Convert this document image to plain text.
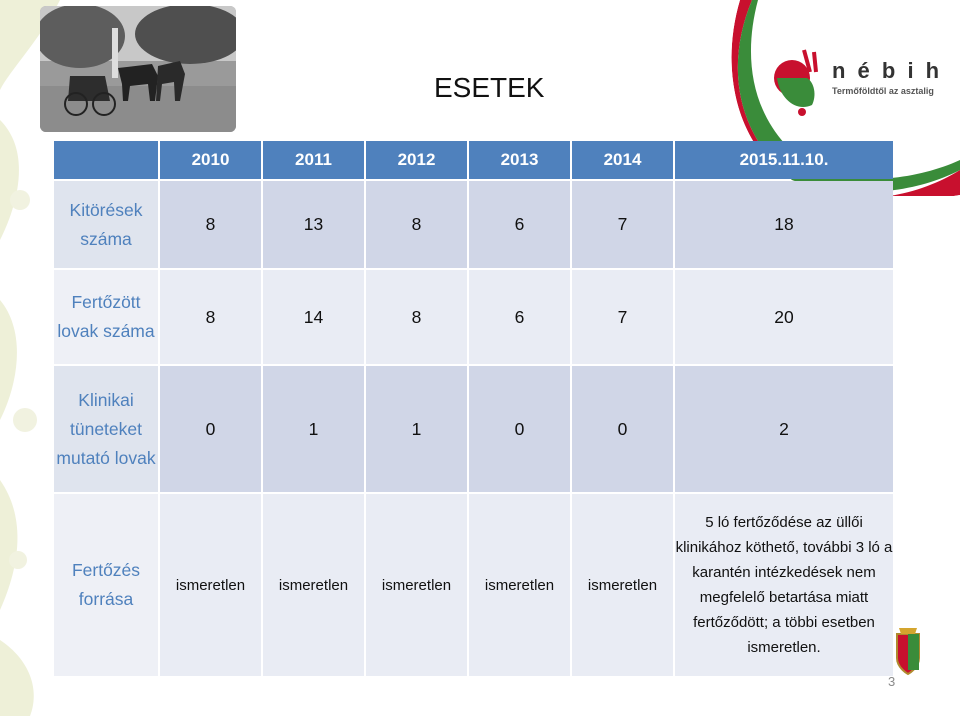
ESETEK
n é b i h
Termőföldtől az asztalig
	2010	2011	2012	2013	2014	2015.11.10.
Kitörések száma	8	13	8	6	7	18
Fertőzött lovak száma	8	14	8	6	7	20
Klinikai tüneteket mutató lovak	0	1	1	0	0	2
Fertőzés forrása	ismeretlen	ismeretlen	ismeretlen	ismeretlen	ismeretlen	5 ló fertőződése az üllői klinikához köthető, további 3 ló a karantén intézkedések nem megfelelő betartása miatt fertőződött; a többi esetben ismeretlen.
3
